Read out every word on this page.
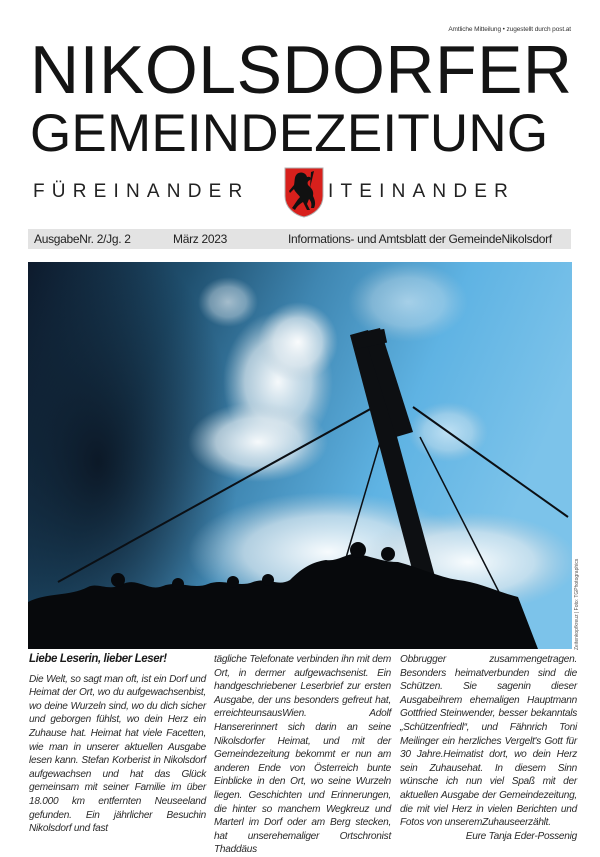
Amtliche Mitteilung • zugestellt durch post.at
NIKOLSDORFER
GEMEINDEZEITUNG
FÜREINANDER	ITEINANDER
AusgabeNr. 2/Jg. 2	März 2023	Informations- und Amtsblatt der GemeindeNikolsdorf
Zeitenkopfkreuz | Foto: TGPhotographics

Liebe Leserin, lieber Leser!

Die Welt, so sagt man oft, ist ein Dorf und Heimat der Ort, wo du aufgewachsenbist, wo deine Wurzeln sind, wo du dich sicher und geborgen fühlst, wo dein Herz ein Zuhause hat. Heimat hat viele Facetten, wie man in unserer aktuellen Ausgabe lesen kann. Stefan Korberist in Nikolsdorf aufgewachsen und hat das Glück gemeinsam mit seiner Familie im über 18.000 km entfernten Neuseeland gefunden. Ein jährlicher Besuchin Nikolsdorf und fast

tägliche Telefonate verbinden ihn mit dem Ort, in dermer aufgewachsenist. Ein handgeschriebener Leserbrief zur ersten Ausgabe, der uns besonders gefreut hat, erreichteunsausWien. Adolf Hansererinnert sich darin an seine Nikolsdorfer Heimat, und mit der Gemeindezeitung bekommt er nun am anderen Ende von Österreich bunte Einblicke in den Ort, wo seine Wurzeln liegen. Geschichten und Erinnerungen, die hinter so manchem Wegkreuz und Marterl im Dorf oder am Berg stecken, hat unserehemaliger Ortschronist Thaddäus

Obbrugger zusammengetragen. Besonders heimatverbunden sind die Schützen. Sie sagenin dieser Ausgabeihrem ehemaligen Hauptmann Gottfried Steinwender, besser bekanntals „Schützenfriedl“, und Fähnrich Toni Meilinger ein herzliches Vergelt's Gott für 30 Jahre.Heimatist dort, wo dein Herz sein Zuhausehat. In diesem Sinn wünsche ich nun viel Spaß mit der aktuellen Ausgabe der Gemeindezeitung, die mit viel Herz in vielen Berichten und Fotos von unseremZuhauseerzählt.

Eure Tanja Eder-Possenig
